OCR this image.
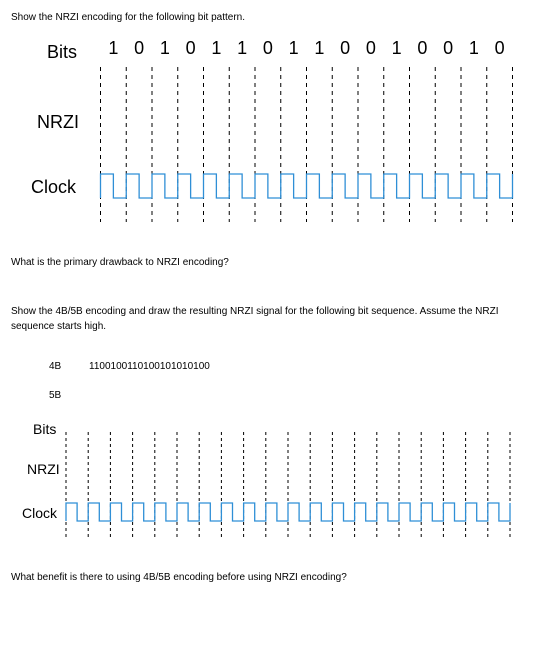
Show the NRZI encoding for the following bit pattern.
Bits
NRZI
Clock
1 0 1 0 1 1 0 1 1 0 0 1 0 0 1 0
What is the primary drawback to NRZI encoding?
Show the 4B/5B encoding and draw the resulting NRZI signal for the following bit sequence. Assume the NRZI sequence starts high.
4B	1100100110100101010100
5B
Bits
NRZI
Clock
What benefit is there to using 4B/5B encoding before using NRZI encoding?
